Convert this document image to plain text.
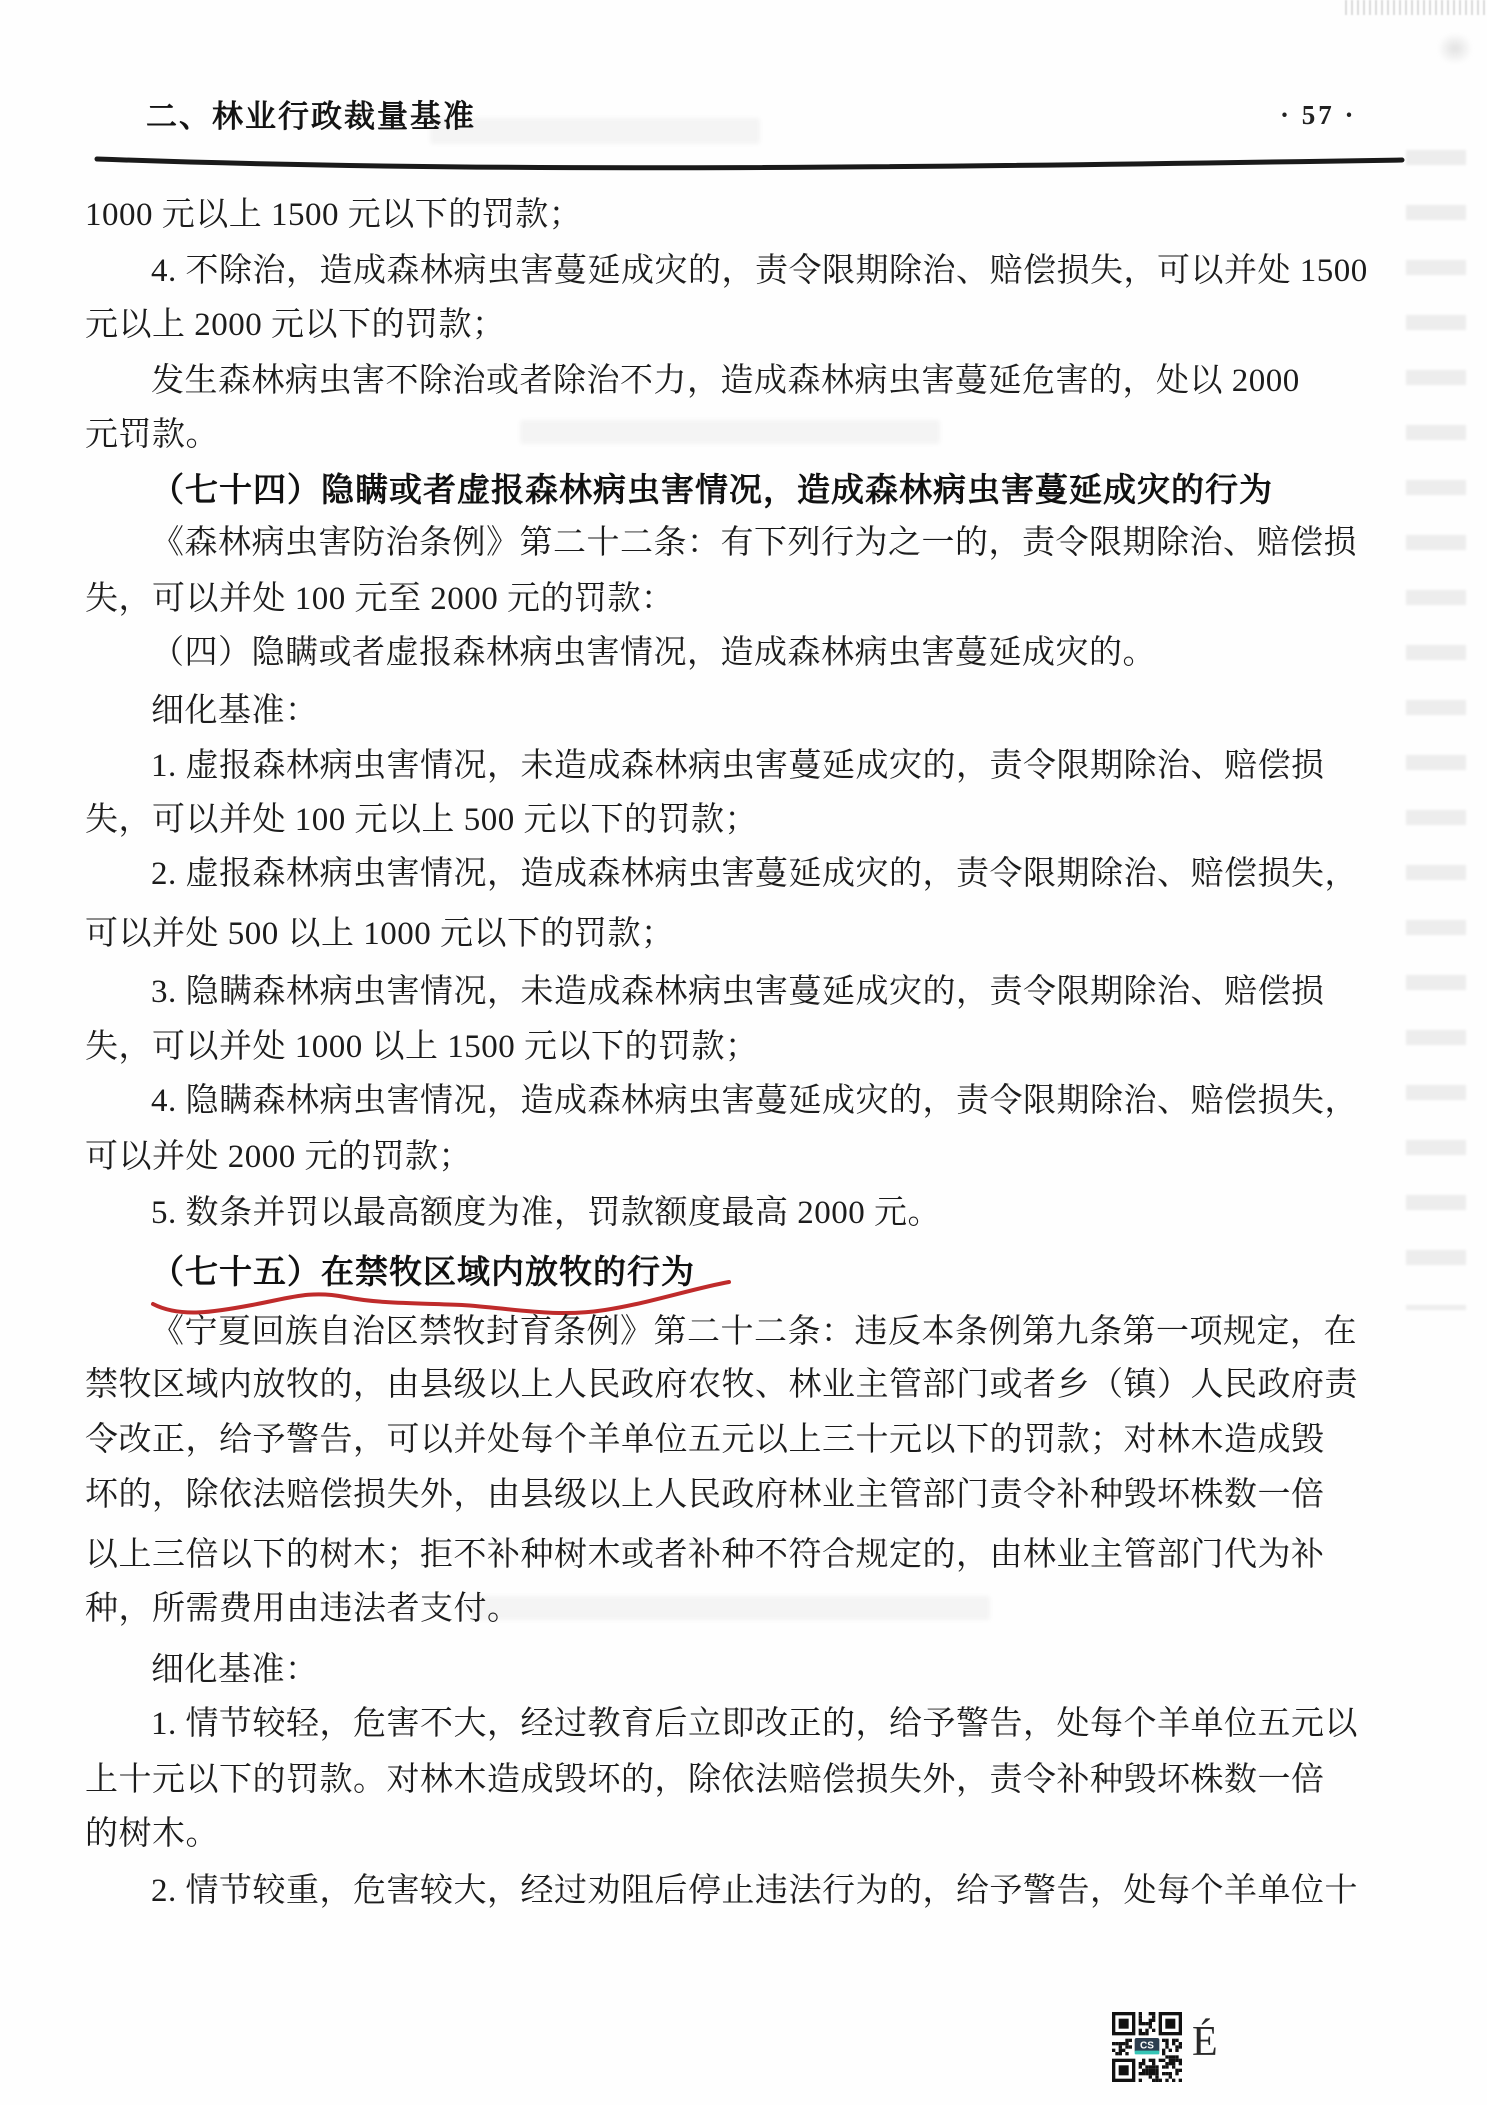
二、林业行政裁量基准	· 57 ·
1000 元以上 1500 元以下的罚款；
4. 不除治，造成森林病虫害蔓延成灾的，责令限期除治、赔偿损失，可以并处 1500
元以上 2000 元以下的罚款；
发生森林病虫害不除治或者除治不力，造成森林病虫害蔓延危害的，处以 2000
元罚款。
（七十四）隐瞒或者虚报森林病虫害情况，造成森林病虫害蔓延成灾的行为
《森林病虫害防治条例》第二十二条：有下列行为之一的，责令限期除治、赔偿损
失，可以并处 100 元至 2000 元的罚款：
（四）隐瞒或者虚报森林病虫害情况，造成森林病虫害蔓延成灾的。
细化基准：
1. 虚报森林病虫害情况，未造成森林病虫害蔓延成灾的，责令限期除治、赔偿损
失，可以并处 100 元以上 500 元以下的罚款；
2. 虚报森林病虫害情况，造成森林病虫害蔓延成灾的，责令限期除治、赔偿损失，
可以并处 500 以上 1000 元以下的罚款；
3. 隐瞒森林病虫害情况，未造成森林病虫害蔓延成灾的，责令限期除治、赔偿损
失，可以并处 1000 以上 1500 元以下的罚款；
4. 隐瞒森林病虫害情况，造成森林病虫害蔓延成灾的，责令限期除治、赔偿损失，
可以并处 2000 元的罚款；
5. 数条并罚以最高额度为准，罚款额度最高 2000 元。
（七十五）在禁牧区域内放牧的行为
《宁夏回族自治区禁牧封育条例》第二十二条：违反本条例第九条第一项规定，在
禁牧区域内放牧的，由县级以上人民政府农牧、林业主管部门或者乡（镇）人民政府责
令改正，给予警告，可以并处每个羊单位五元以上三十元以下的罚款；对林木造成毁
坏的，除依法赔偿损失外，由县级以上人民政府林业主管部门责令补种毁坏株数一倍
以上三倍以下的树木；拒不补种树木或者补种不符合规定的，由林业主管部门代为补
种，所需费用由违法者支付。
细化基准：
1. 情节较轻，危害不大，经过教育后立即改正的，给予警告，处每个羊单位五元以
上十元以下的罚款。对林木造成毁坏的，除依法赔偿损失外，责令补种毁坏株数一倍
的树木。
2. 情节较重，危害较大，经过劝阻后停止违法行为的，给予警告，处每个羊单位十
CS É
